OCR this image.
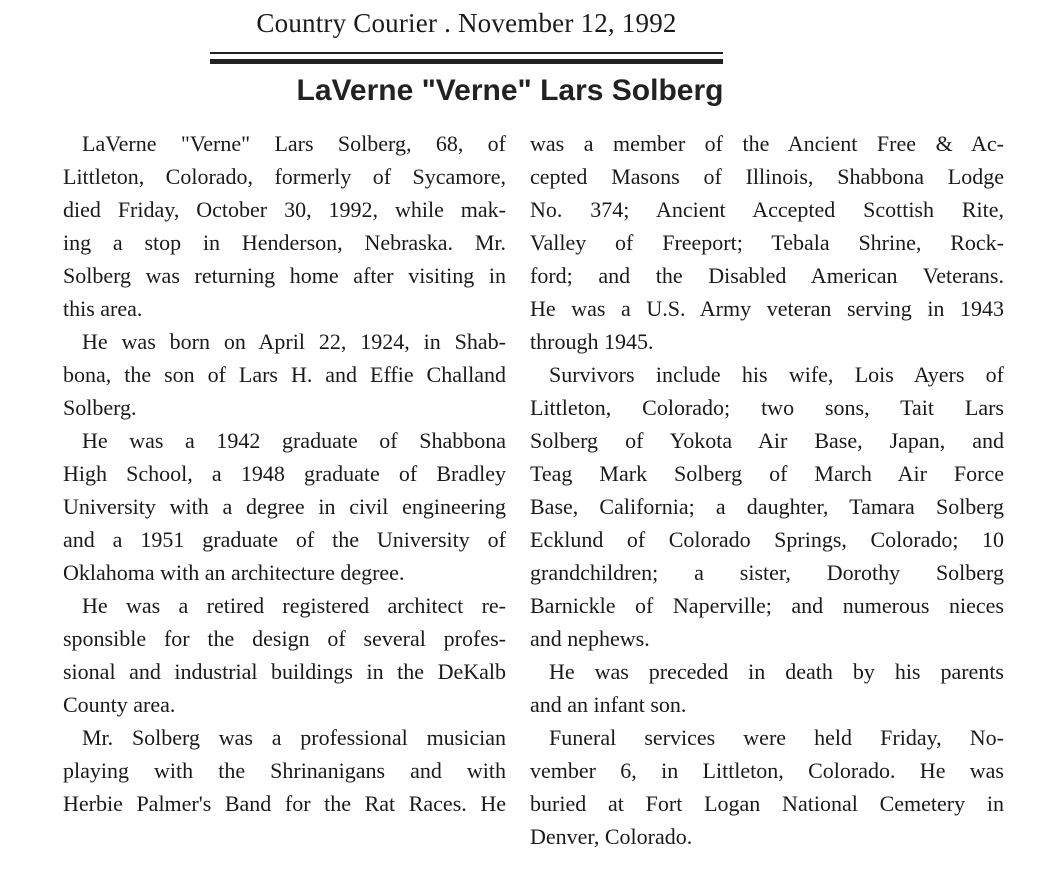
Country Courier . November 12, 1992
LaVerne "Verne" Lars Solberg
LaVerne "Verne" Lars Solberg, 68, of
Littleton, Colorado, formerly of Sycamore,
died Friday, October 30, 1992, while mak-
ing a stop in Henderson, Nebraska. Mr.
Solberg was returning home after visiting in
this area.
He was born on April 22, 1924, in Shab-
bona, the son of Lars H. and Effie Challand
Solberg.
He was a 1942 graduate of Shabbona
High School, a 1948 graduate of Bradley
University with a degree in civil engineering
and a 1951 graduate of the University of
Oklahoma with an architecture degree.
He was a retired registered architect re-
sponsible for the design of several profes-
sional and industrial buildings in the DeKalb
County area.
Mr. Solberg was a professional musician
playing with the Shrinanigans and with
Herbie Palmer's Band for the Rat Races. He
was a member of the Ancient Free & Ac-
cepted Masons of Illinois, Shabbona Lodge
No. 374; Ancient Accepted Scottish Rite,
Valley of Freeport; Tebala Shrine, Rock-
ford; and the Disabled American Veterans.
He was a U.S. Army veteran serving in 1943
through 1945.
Survivors include his wife, Lois Ayers of
Littleton, Colorado; two sons, Tait Lars
Solberg of Yokota Air Base, Japan, and
Teag Mark Solberg of March Air Force
Base, California; a daughter, Tamara Solberg
Ecklund of Colorado Springs, Colorado; 10
grandchildren; a sister, Dorothy Solberg
Barnickle of Naperville; and numerous nieces
and nephews.
He was preceded in death by his parents
and an infant son.
Funeral services were held Friday, No-
vember 6, in Littleton, Colorado. He was
buried at Fort Logan National Cemetery in
Denver, Colorado.
